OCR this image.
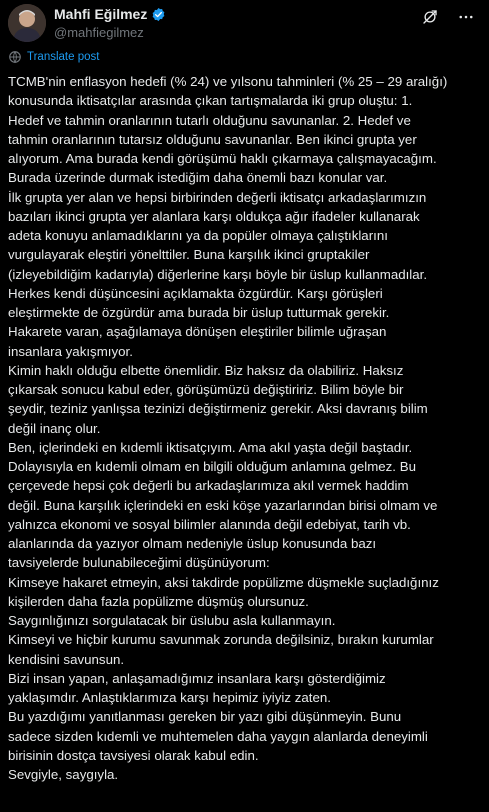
Mahfi Eğilmez
@mahfiegilmez
Translate post

TCMB'nin enflasyon hedefi (% 24) ve yılsonu tahminleri (% 25 – 29 aralığı)

konusunda iktisatçılar arasında çıkan tartışmalarda iki grup oluştu: 1.

Hedef ve tahmin oranlarının tutarlı olduğunu savunanlar. 2. Hedef ve

tahmin oranlarının tutarsız olduğunu savunanlar. Ben ikinci grupta yer

alıyorum. Ama burada kendi görüşümü haklı çıkarmaya çalışmayacağım.

Burada üzerinde durmak istediğim daha önemli bazı konular var.

İlk grupta yer alan ve hepsi birbirinden değerli iktisatçı arkadaşlarımızın

bazıları ikinci grupta yer alanlara karşı oldukça ağır ifadeler kullanarak

adeta konuyu anlamadıklarını ya da popüler olmaya çalıştıklarını

vurgulayarak eleştiri yönelttiler. Buna karşılık ikinci gruptakiler

(izleyebildiğim kadarıyla) diğerlerine karşı böyle bir üslup kullanmadılar.

Herkes kendi düşüncesini açıklamakta özgürdür. Karşı görüşleri

eleştirmekte de özgürdür ama burada bir üslup tutturmak gerekir.

Hakarete varan, aşağılamaya dönüşen eleştiriler bilimle uğraşan

insanlara yakışmıyor.

Kimin haklı olduğu elbette önemlidir. Biz haksız da olabiliriz. Haksız

çıkarsak sonucu kabul eder, görüşümüzü değiştiririz. Bilim böyle bir

şeydir, teziniz yanlışsa tezinizi değiştirmeniz gerekir. Aksi davranış bilim

değil inanç olur.

Ben, içlerindeki en kıdemli iktisatçıyım. Ama akıl yaşta değil baştadır.

Dolayısıyla en kıdemli olmam en bilgili olduğum anlamına gelmez. Bu

çerçevede hepsi çok değerli bu arkadaşlarımıza akıl vermek haddim

değil. Buna karşılık içlerindeki en eski köşe yazarlarından birisi olmam ve

yalnızca ekonomi ve sosyal bilimler alanında değil edebiyat, tarih vb.

alanlarında da yazıyor olmam nedeniyle üslup konusunda bazı

tavsiyelerde bulunabileceğimi düşünüyorum:

Kimseye hakaret etmeyin, aksi takdirde popülizme düşmekle suçladığınız

kişilerden daha fazla popülizme düşmüş olursunuz.

Saygınlığınızı sorgulatacak bir üslubu asla kullanmayın.

Kimseyi ve hiçbir kurumu savunmak zorunda değilsiniz, bırakın kurumlar

kendisini savunsun.

Bizi insan yapan, anlaşamadığımız insanlara karşı gösterdiğimiz

yaklaşımdır. Anlaştıklarımıza karşı hepimiz iyiyiz zaten.

Bu yazdığımı yanıtlanması gereken bir yazı gibi düşünmeyin. Bunu

sadece sizden kıdemli ve muhtemelen daha yaygın alanlarda deneyimli

birisinin dostça tavsiyesi olarak kabul edin.

Sevgiyle, saygıyla.
